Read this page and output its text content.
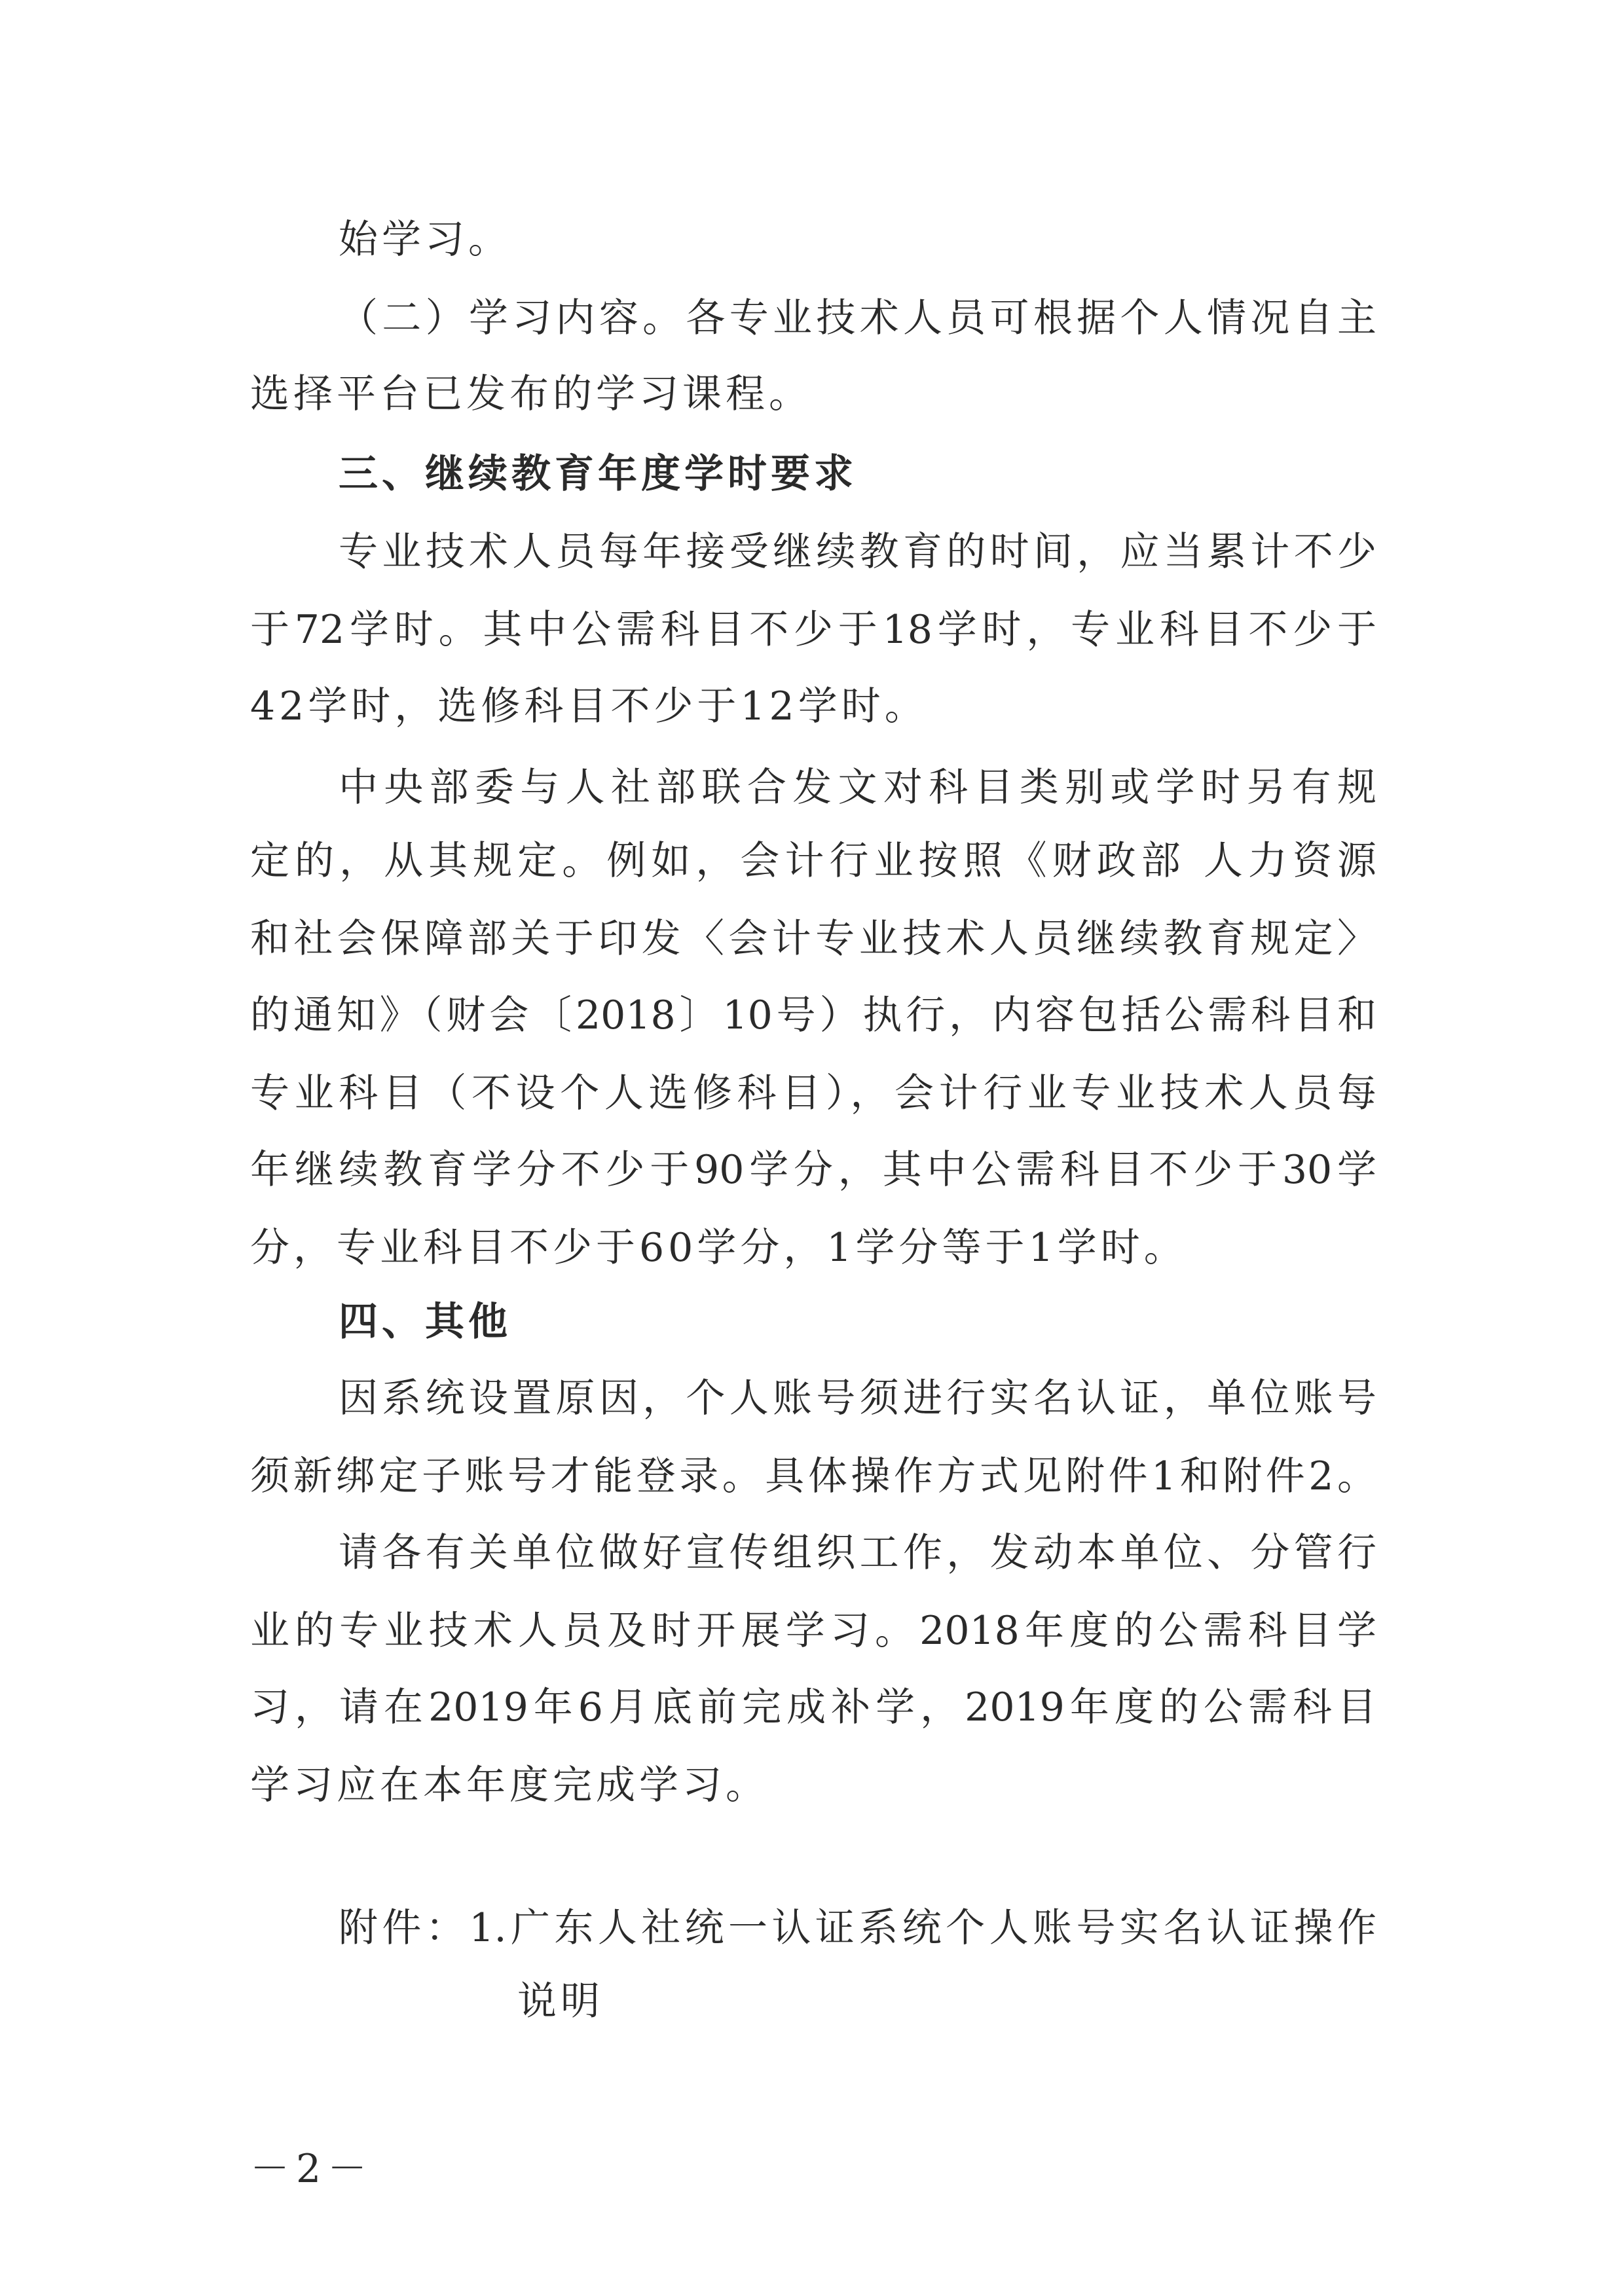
始学习。
（二）学习内容。各专业技术人员可根据个人情况自主
选择平台已发布的学习课程。
三、继续教育年度学时要求
专业技术人员每年接受继续教育的时间，应当累计不少
于72学时。其中公需科目不少于18学时，专业科目不少于
42学时，选修科目不少于12学时。
中央部委与人社部联合发文对科目类别或学时另有规
定的，从其规定。例如，会计行业按照《财政部 人力资源
和社会保障部关于印发〈会计专业技术人员继续教育规定〉
的通知》（财会〔2018〕10号）执行，内容包括公需科目和
专业科目（不设个人选修科目），会计行业专业技术人员每
年继续教育学分不少于90学分，其中公需科目不少于30学
分，专业科目不少于60学分，1学分等于1学时。
四、其他
因系统设置原因，个人账号须进行实名认证，单位账号
须新绑定子账号才能登录。具体操作方式见附件1和附件2。
请各有关单位做好宣传组织工作，发动本单位、分管行
业的专业技术人员及时开展学习。2018年度的公需科目学
习，请在2019年6月底前完成补学，2019年度的公需科目
学习应在本年度完成学习。
附件：1.广东人社统一认证系统个人账号实名认证操作
说明
－2－
